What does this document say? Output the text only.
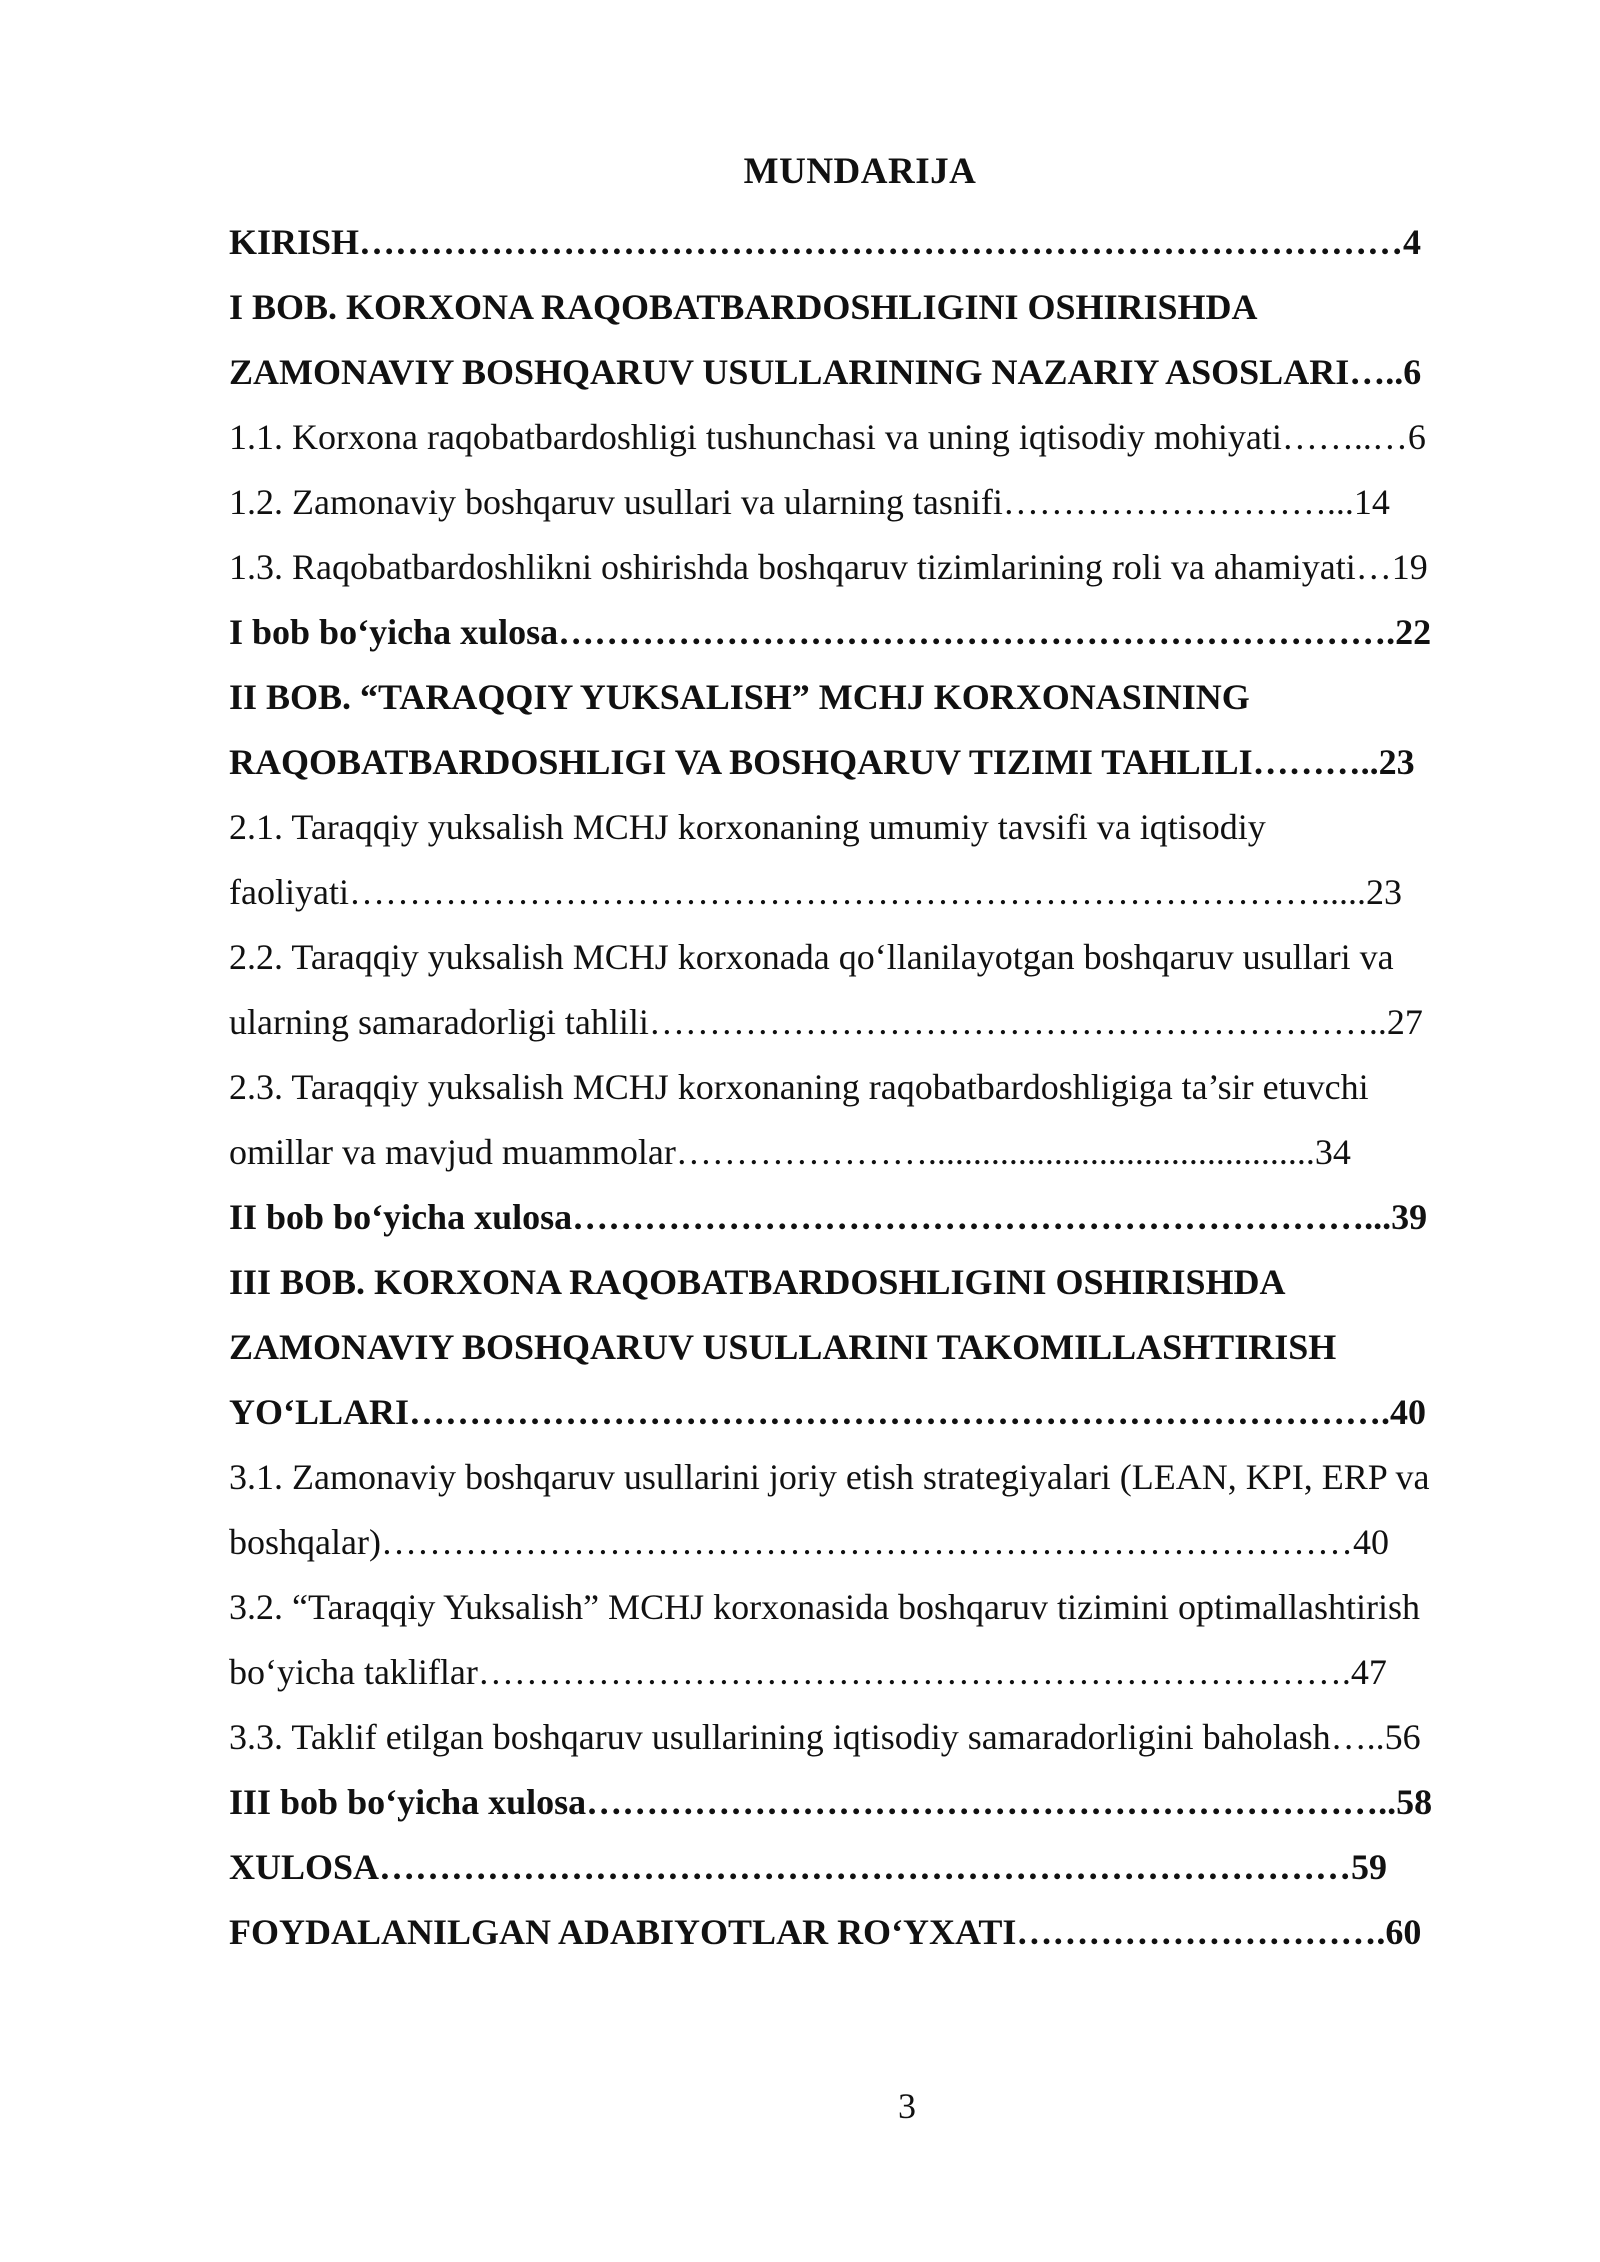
MUNDARIJA
KIRISH……………………………………………………………………………4
I BOB. KORXONA RAQOBATBARDOSHLIGINI OSHIRISHDA
ZAMONAVIY BOSHQARUV USULLARINING NAZARIY ASOSLARI…..6
1.1. Korxona raqobatbardoshligi tushunchasi va uning iqtisodiy mohiyati……..…6
1.2. Zamonaviy boshqaruv usullari va ularning tasnifi………………………...14
1.3. Raqobatbardoshlikni oshirishda boshqaruv tizimlarining roli va ahamiyati…19
I bob bo‘yicha xulosa…………………………………………………………….22
II BOB. “TARAQQIY YUKSALISH” MCHJ KORXONASINING
RAQOBATBARDOSHLIGI VA BOSHQARUV TIZIMI TAHLILI………..23
2.1. Taraqqiy yuksalish MCHJ korxonaning umumiy tavsifi va iqtisodiy
faoliyati……………………………………………………………………….....23
2.2. Taraqqiy yuksalish MCHJ korxonada qo‘llanilayotgan boshqaruv usullari va
ularning samaradorligi tahlili……………………………………………………..27
2.3. Taraqqiy yuksalish MCHJ korxonaning raqobatbardoshligiga ta’sir etuvchi
omillar va mavjud muammolar…………………...........................................34
II bob bo‘yicha xulosa…………………………………………………………...39
III BOB. KORXONA RAQOBATBARDOSHLIGINI OSHIRISHDA
ZAMONAVIY BOSHQARUV USULLARINI TAKOMILLASHTIRISH
YO‘LLARI……………………………………………………………………….40
3.1. Zamonaviy boshqaruv usullarini joriy etish strategiyalari (LEAN, KPI, ERP va
boshqalar)………………………………………………………………………40
3.2. “Taraqqiy Yuksalish” MCHJ korxonasida boshqaruv tizimini optimallashtirish
bo‘yicha takliflar……………………………………………………………….47
3.3. Taklif etilgan boshqaruv usullarining iqtisodiy samaradorligini baholash…..56
III bob bo‘yicha xulosa…………………………………………………………..58
XULOSA………………………………………………………………………59
FOYDALANILGAN ADABIYOTLAR RO‘YXATI………………………….60
3
